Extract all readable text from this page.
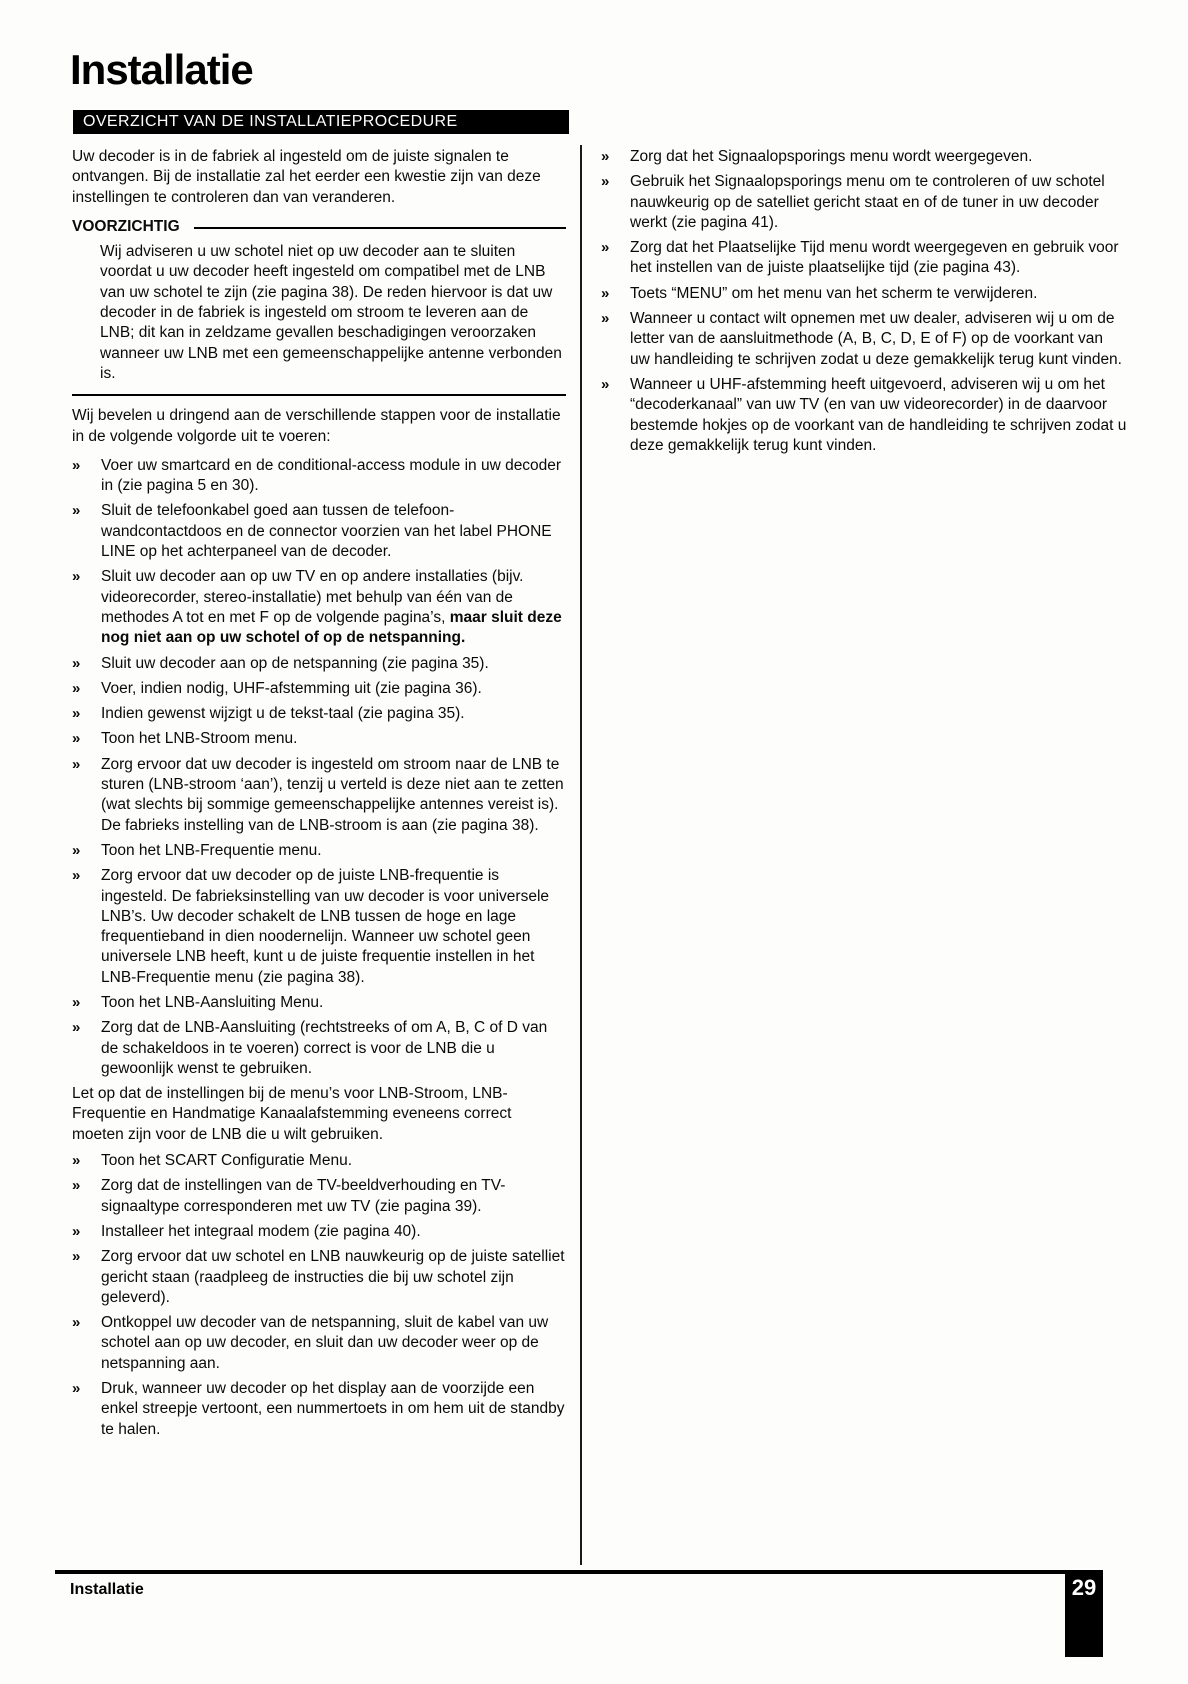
Installatie
OVERZICHT VAN DE INSTALLATIEPROCEDURE

Uw decoder is in de fabriek al ingesteld om de juiste signalen te ontvangen. Bij de installatie zal het eerder een kwestie zijn van deze instellingen te controleren dan van veranderen.

VOORZICHTIG
Wij adviseren u uw schotel niet op uw decoder aan te sluiten voordat u uw decoder heeft ingesteld om compatibel met de LNB van uw schotel te zijn (zie pagina 38). De reden hiervoor is dat uw decoder in de fabriek is ingesteld om stroom te leveren aan de LNB; dit kan in zeldzame gevallen beschadigingen veroorzaken wanneer uw LNB met een gemeenschappelijke antenne verbonden is.

Wij bevelen u dringend aan de verschillende stappen voor de installatie in de volgende volgorde uit te voeren:

»	Voer uw smartcard en de conditional-access module in uw decoder in (zie pagina 5 en 30).
»	Sluit de telefoonkabel goed aan tussen de telefoon-wandcontactdoos en de connector voorzien van het label PHONE LINE op het achterpaneel van de decoder.
»	Sluit uw decoder aan op uw TV en op andere installaties (bijv. videorecorder, stereo-installatie) met behulp van één van de methodes A tot en met F op de volgende pagina’s, maar sluit deze nog niet aan op uw schotel of op de netspanning.
»	Sluit uw decoder aan op de netspanning (zie pagina 35).
»	Voer, indien nodig, UHF-afstemming uit (zie pagina 36).
»	Indien gewenst wijzigt u de tekst-taal (zie pagina 35).
»	Toon het LNB-Stroom menu.
»	Zorg ervoor dat uw decoder is ingesteld om stroom naar de LNB te sturen (LNB-stroom ‘aan’), tenzij u verteld is deze niet aan te zetten (wat slechts bij sommige gemeenschappelijke antennes vereist is). De fabrieks instelling van de LNB-stroom is aan (zie pagina 38).
»	Toon het LNB-Frequentie menu.
»	Zorg ervoor dat uw decoder op de juiste LNB-frequentie is ingesteld. De fabrieksinstelling van uw decoder is voor universele LNB’s. Uw decoder schakelt de LNB tussen de hoge en lage frequentieband in dien noodernelijn. Wanneer uw schotel geen universele LNB heeft, kunt u de juiste frequentie instellen in het LNB-Frequentie menu (zie pagina 38).
»	Toon het LNB-Aansluiting Menu.
»	Zorg dat de LNB-Aansluiting (rechtstreeks of om A, B, C of D van de schakeldoos in te voeren) correct is voor de LNB die u gewoonlijk wenst te gebruiken.

Let op dat de instellingen bij de menu’s voor LNB-Stroom, LNB-Frequentie en Handmatige Kanaalafstemming eveneens correct moeten zijn voor de LNB die u wilt gebruiken.

»	Toon het SCART Configuratie Menu.
»	Zorg dat de instellingen van de TV-beeldverhouding en TV-signaaltype corresponderen met uw TV (zie pagina 39).
»	Installeer het integraal modem (zie pagina 40).
»	Zorg ervoor dat uw schotel en LNB nauwkeurig op de juiste satelliet gericht staan (raadpleeg de instructies die bij uw schotel zijn geleverd).
»	Ontkoppel uw decoder van de netspanning, sluit de kabel van uw schotel aan op uw decoder, en sluit dan uw decoder weer op de netspanning aan.
»	Druk, wanneer uw decoder op het display aan de voorzijde een enkel streepje vertoont, een nummertoets in om hem uit de standby te halen.
»	Zorg dat het Signaalopsporings menu wordt weergegeven.
»	Gebruik het Signaalopsporings menu om te controleren of uw schotel nauwkeurig op de satelliet gericht staat en of de tuner in uw decoder werkt (zie pagina 41).
»	Zorg dat het Plaatselijke Tijd menu wordt weergegeven en gebruik voor het instellen van de juiste plaatselijke tijd (zie pagina 43).
»	Toets “MENU” om het menu van het scherm te verwijderen.
»	Wanneer u contact wilt opnemen met uw dealer, adviseren wij u om de letter van de aansluitmethode (A, B, C, D, E of F) op de voorkant van uw handleiding te schrijven zodat u deze gemakkelijk terug kunt vinden.
»	Wanneer u UHF-afstemming heeft uitgevoerd, adviseren wij u om het “decoderkanaal” van uw TV (en van uw videorecorder) in de daarvoor bestemde hokjes op de voorkant van de handleiding te schrijven zodat u deze gemakkelijk terug kunt vinden.
Installatie	29
